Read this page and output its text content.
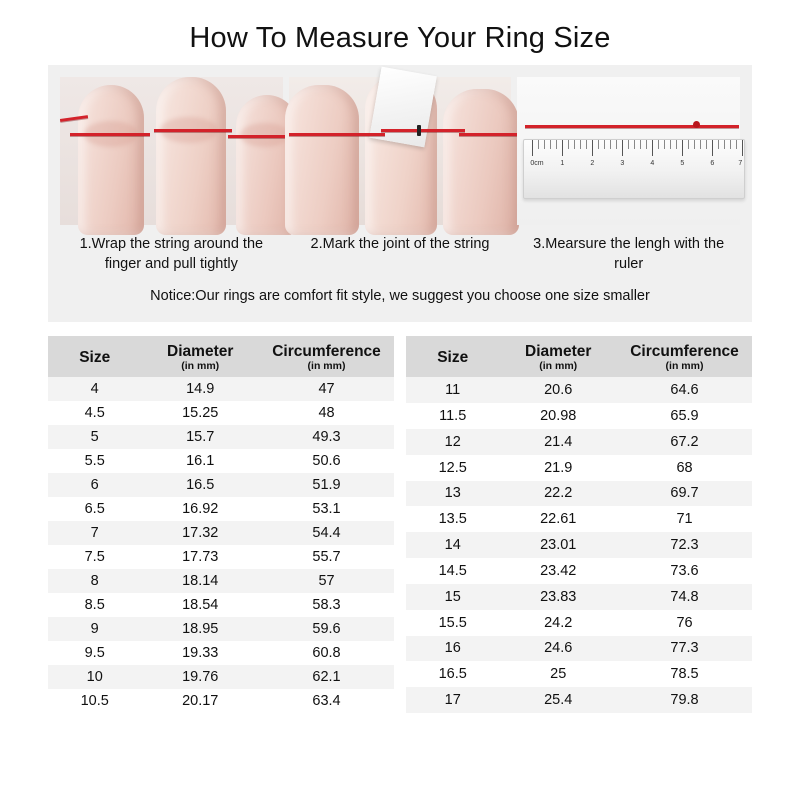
How To Measure Your Ring Size
0cm 1	2	3	4	5	6	7
1.Wrap the string around the finger and pull tightly
2.Mark the joint of the string	3.Mearsure the lengh with the ruler
Notice:Our rings are comfort fit style, we suggest you choose one size smaller
Size	Diameter
(in mm)	Circumference
(in mm)

4	14.9	47
4.5	15.25	48
5	15.7	49.3
5.5	16.1	50.6
6	16.5	51.9
6.5	16.92	53.1
7	17.32	54.4
7.5	17.73	55.7
8	18.14	57
8.5	18.54	58.3
9	18.95	59.6
9.5	19.33	60.8
10	19.76	62.1
10.5	20.17	63.4
Size	Diameter
(in mm)	Circumference
(in mm)

11	20.6	64.6
11.5	20.98	65.9
12	21.4	67.2
12.5	21.9	68
13	22.2	69.7
13.5	22.61	71
14	23.01	72.3
14.5	23.42	73.6
15	23.83	74.8
15.5	24.2	76
16	24.6	77.3
16.5	25	78.5
17	25.4	79.8
